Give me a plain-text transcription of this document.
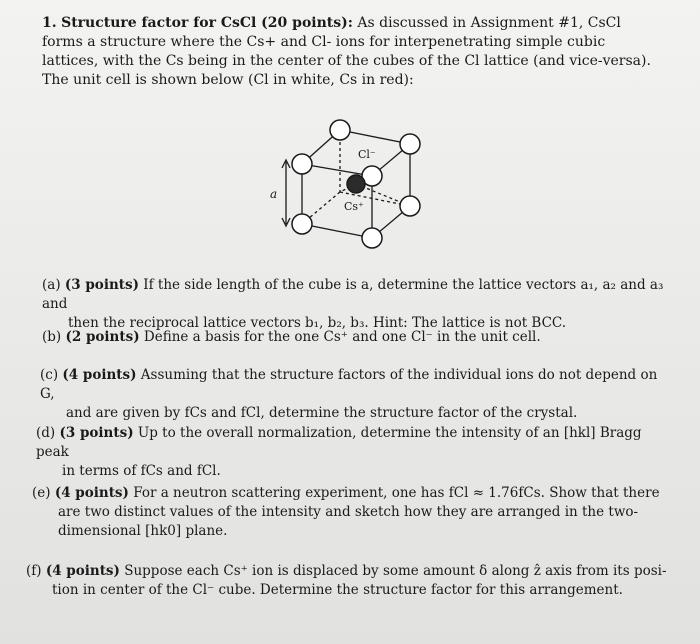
1. Structure factor for CsCl (20 points): As discussed in Assignment #1, CsCl forms a structure where the Cs+ and Cl- ions for interpenetrating simple cubic lattices, with the Cs being in the center of the cubes of the Cl lattice (and vice-versa). The unit cell is shown below (Cl in white, Cs in red):
a
Cl⁻
Cs⁺
(a) (3 points) If the side length of the cube is a, determine the lattice vectors a₁, a₂ and a₃ and
then the reciprocal lattice vectors b₁, b₂, b₃. Hint: The lattice is not BCC.
(b) (2 points) Define a basis for the one Cs⁺ and one Cl⁻ in the unit cell.
(c) (4 points) Assuming that the structure factors of the individual ions do not depend on G,
and are given by fCs and fCl, determine the structure factor of the crystal.
(d) (3 points) Up to the overall normalization, determine the intensity of an [hkl] Bragg peak
in terms of fCs and fCl.
(e) (4 points) For a neutron scattering experiment, one has fCl ≈ 1.76fCs. Show that there
are two distinct values of the intensity and sketch how they are arranged in the two-
dimensional [hk0] plane.
(f) (4 points) Suppose each Cs⁺ ion is displaced by some amount δ along ẑ axis from its posi-
tion in center of the Cl⁻ cube. Determine the structure factor for this arrangement.
